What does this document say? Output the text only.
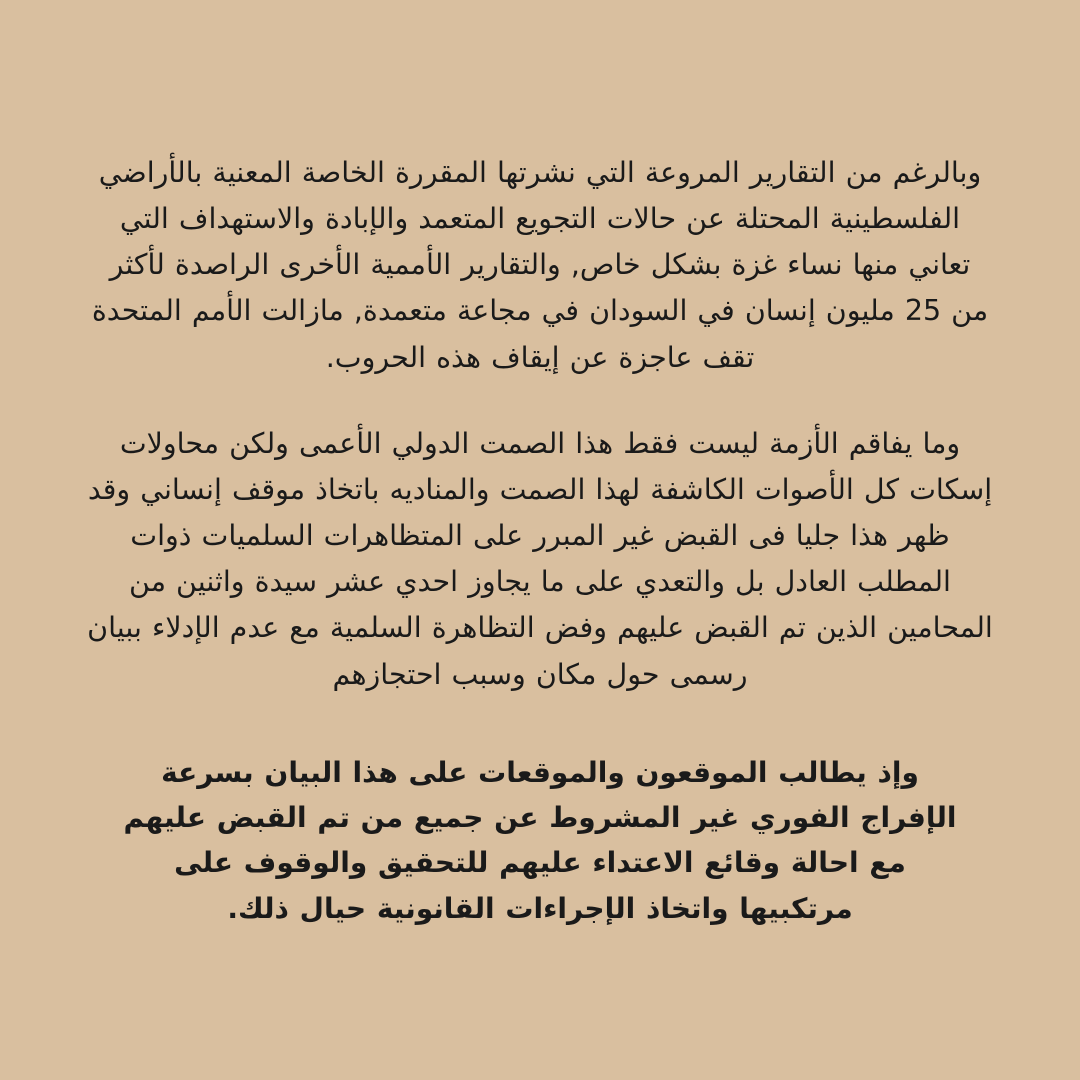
وبالرغم من التقارير المروعة التي نشرتها المقررة الخاصة المعنية بالأراضي الفلسطينية المحتلة عن حالات التجويع المتعمد والإبادة والاستهداف التي تعاني منها نساء غزة بشكل خاص, والتقارير الأممية الأخرى الراصدة لأكثر من 25 مليون إنسان في السودان في مجاعة متعمدة, مازالت الأمم المتحدة تقف عاجزة عن إيقاف هذه الحروب.

وما يفاقم الأزمة ليست فقط هذا الصمت الدولي الأعمى ولكن محاولات إسكات كل الأصوات الكاشفة لهذا الصمت والمناديه باتخاذ موقف إنساني وقد ظهر هذا جليا فى القبض غير المبرر على المتظاهرات السلميات ذوات المطلب العادل بل والتعدي على ما يجاوز احدي عشر سيدة واثنين من المحامين الذين تم القبض عليهم وفض التظاهرة السلمية مع عدم الإدلاء ببيان رسمى حول مكان وسبب احتجازهم

وإذ يطالب الموقعون والموقعات على هذا البيان بسرعة الإفراج الفوري غير المشروط عن جميع من تم القبض عليهم مع احالة وقائع الاعتداء عليهم للتحقيق والوقوف على مرتكبيها واتخاذ الإجراءات القانونية حيال ذلك.
